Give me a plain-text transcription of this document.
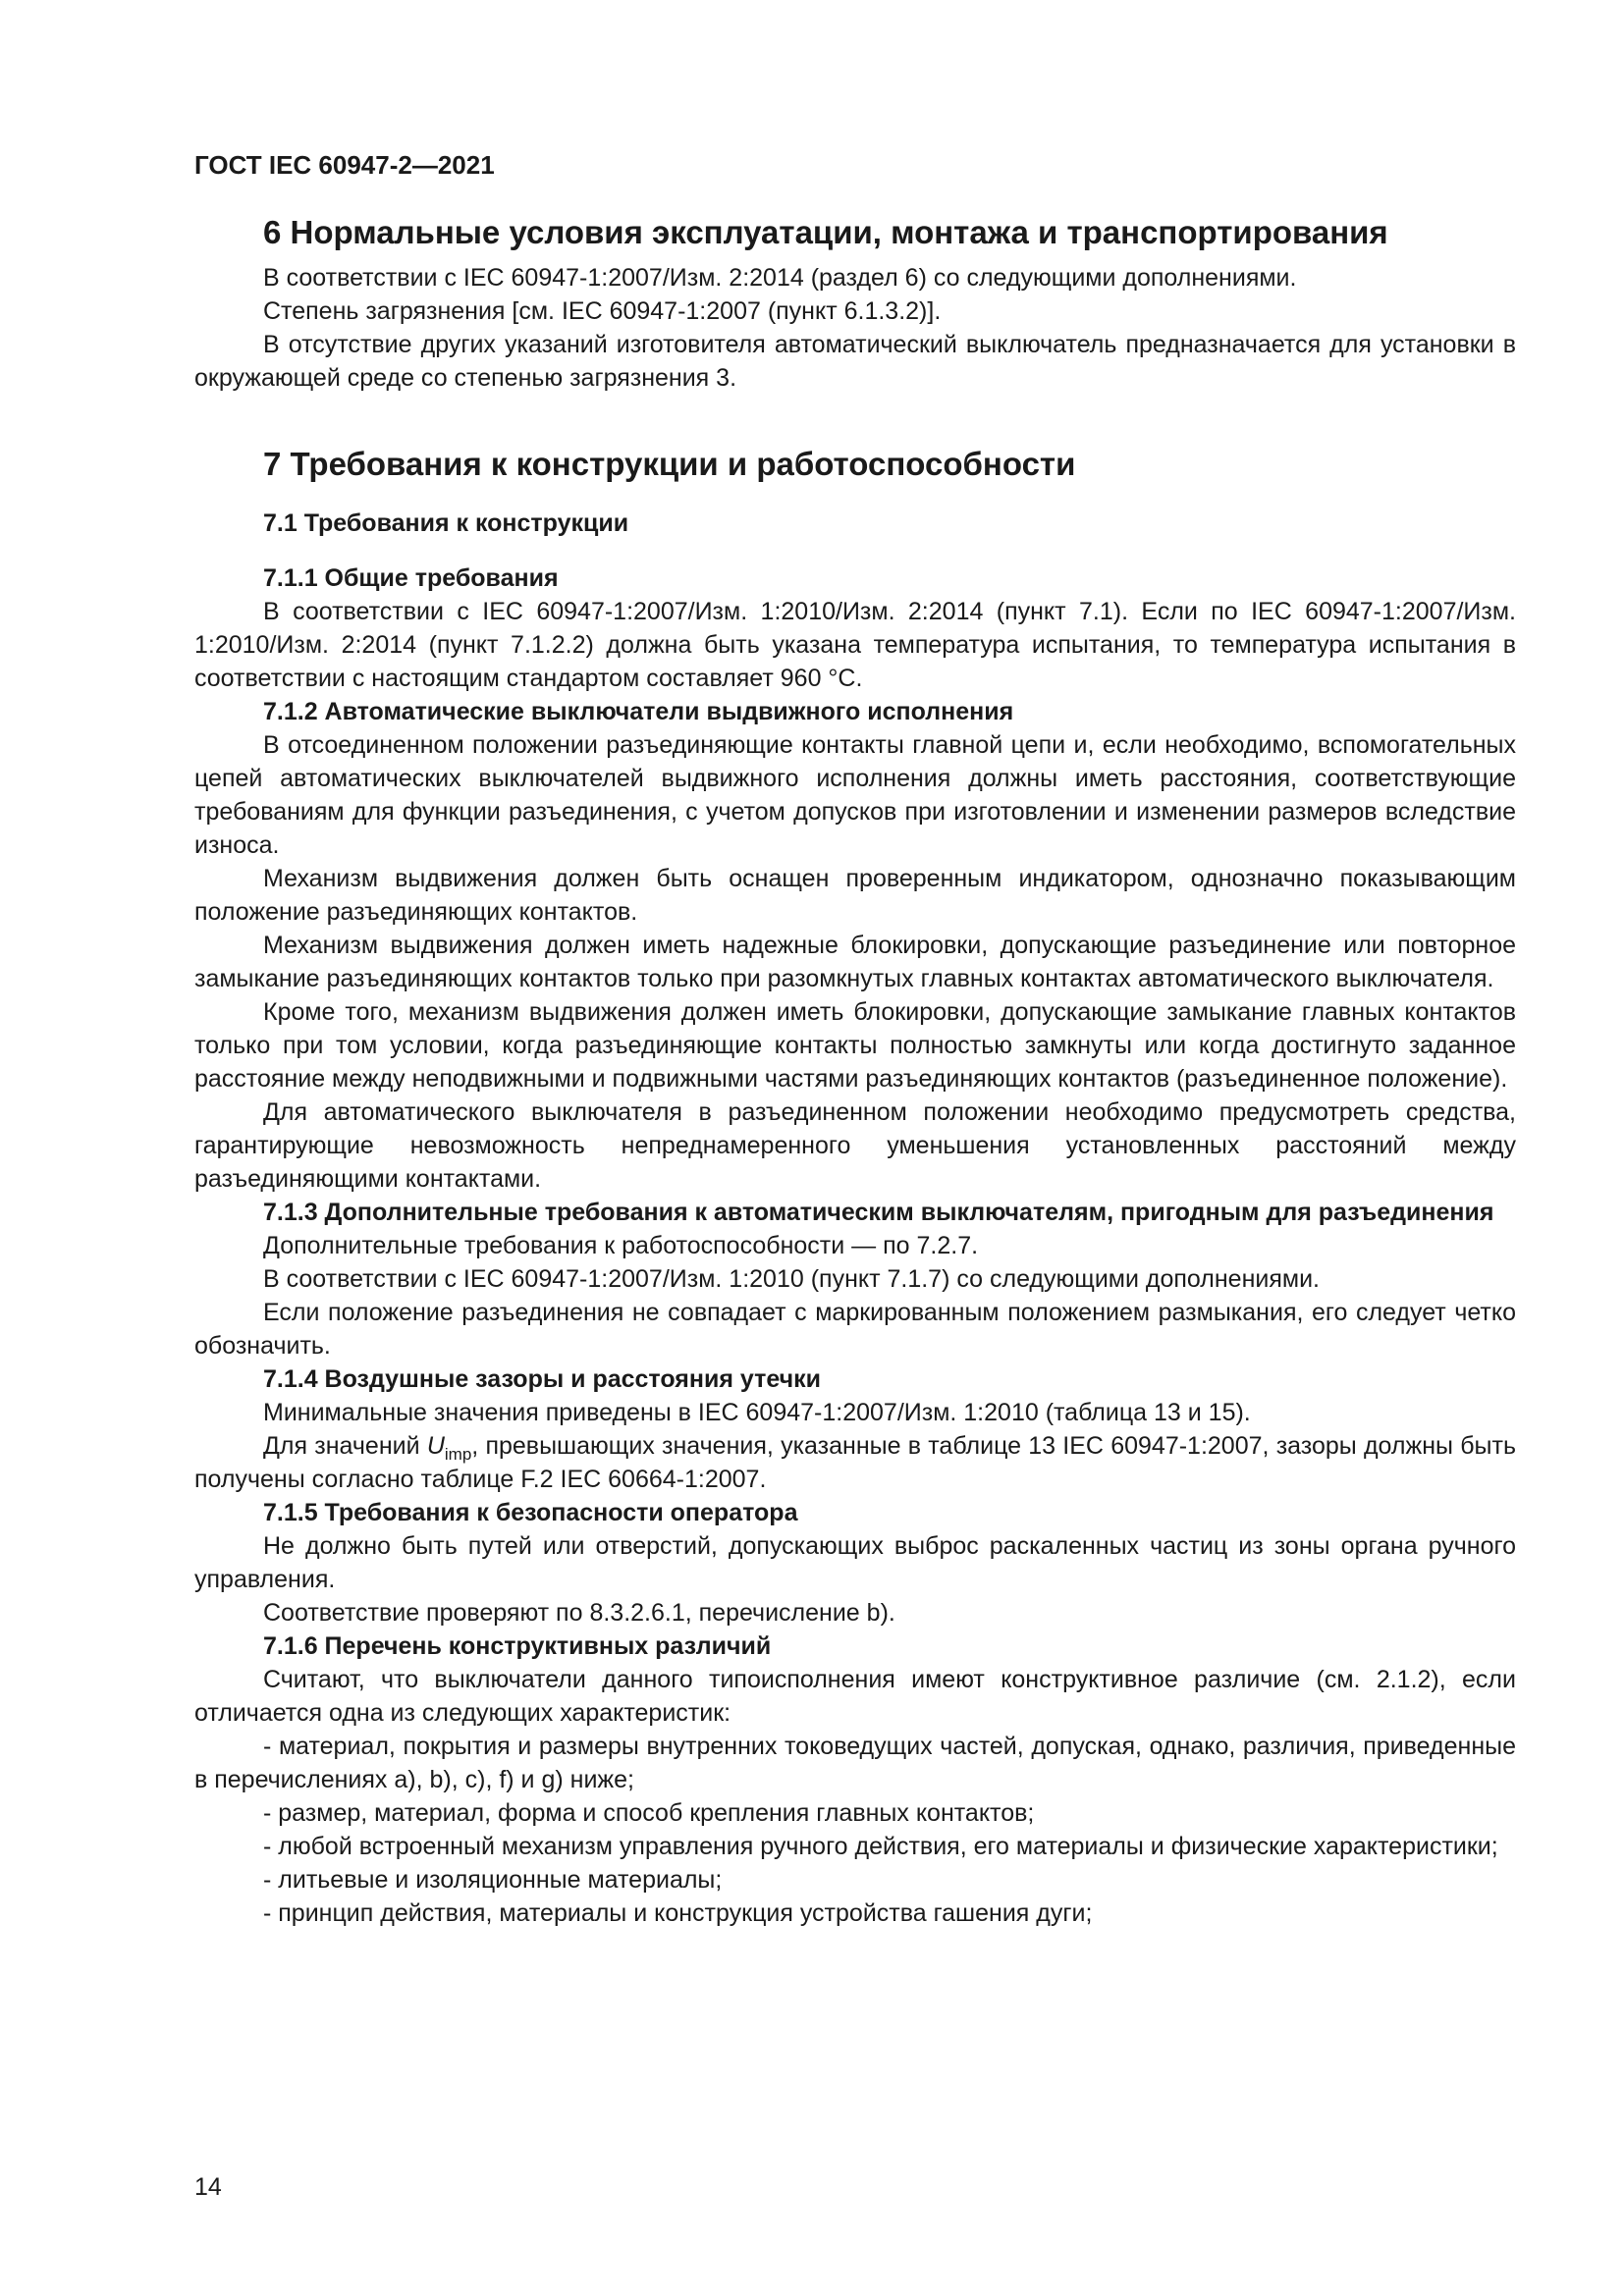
ГОСТ IEC 60947-2—2021
6 Нормальные условия эксплуатации, монтажа и транспортирования

В соответствии с IEC 60947-1:2007/Изм. 2:2014 (раздел 6) со следующими дополнениями.

Степень загрязнения [см. IEC 60947-1:2007 (пункт 6.1.3.2)].

В отсутствие других указаний изготовителя автоматический выключатель предназначается для установки в окружающей среде со степенью загрязнения 3.

7 Требования к конструкции и работоспособности
7.1 Требования к конструкции
7.1.1 Общие требования

В соответствии с IEC 60947-1:2007/Изм. 1:2010/Изм. 2:2014 (пункт 7.1). Если по IEC 60947-1:2007/Изм. 1:2010/Изм. 2:2014 (пункт 7.1.2.2) должна быть указана температура испытания, то температура испытания в соответствии с настоящим стандартом составляет 960 °С.

7.1.2 Автоматические выключатели выдвижного исполнения

В отсоединенном положении разъединяющие контакты главной цепи и, если необходимо, вспомогательных цепей автоматических выключателей выдвижного исполнения должны иметь расстояния, соответствующие требованиям для функции разъединения, с учетом допусков при изготовлении и изменении размеров вследствие износа.

Механизм выдвижения должен быть оснащен проверенным индикатором, однозначно показывающим положение разъединяющих контактов.

Механизм выдвижения должен иметь надежные блокировки, допускающие разъединение или повторное замыкание разъединяющих контактов только при разомкнутых главных контактах автоматического выключателя.

Кроме того, механизм выдвижения должен иметь блокировки, допускающие замыкание главных контактов только при том условии, когда разъединяющие контакты полностью замкнуты или когда достигнуто заданное расстояние между неподвижными и подвижными частями разъединяющих контактов (разъединенное положение).

Для автоматического выключателя в разъединенном положении необходимо предусмотреть средства, гарантирующие невозможность непреднамеренного уменьшения установленных расстояний между разъединяющими контактами.

7.1.3 Дополнительные требования к автоматическим выключателям, пригодным для разъединения

Дополнительные требования к работоспособности — по 7.2.7.

В соответствии с IEC 60947-1:2007/Изм. 1:2010 (пункт 7.1.7) со следующими дополнениями.

Если положение разъединения не совпадает с маркированным положением размыкания, его следует четко обозначить.

7.1.4 Воздушные зазоры и расстояния утечки

Минимальные значения приведены в IEC 60947-1:2007/Изм. 1:2010 (таблица 13 и 15).

Для значений $U_{imp}$, превышающих значения, указанные в таблице 13 IEC 60947-1:2007, зазоры должны быть получены согласно таблице F.2 IEC 60664-1:2007.

7.1.5 Требования к безопасности оператора

Не должно быть путей или отверстий, допускающих выброс раскаленных частиц из зоны органа ручного управления.

Соответствие проверяют по 8.3.2.6.1, перечисление b).

7.1.6 Перечень конструктивных различий

Считают, что выключатели данного типоисполнения имеют конструктивное различие (см. 2.1.2), если отличается одна из следующих характеристик:

- материал, покрытия и размеры внутренних токоведущих частей, допуская, однако, различия, приведенные в перечислениях a), b), c), f) и g) ниже;

- размер, материал, форма и способ крепления главных контактов;

- любой встроенный механизм управления ручного действия, его материалы и физические характеристики;

- литьевые и изоляционные материалы;

- принцип действия, материалы и конструкция устройства гашения дуги;

14
